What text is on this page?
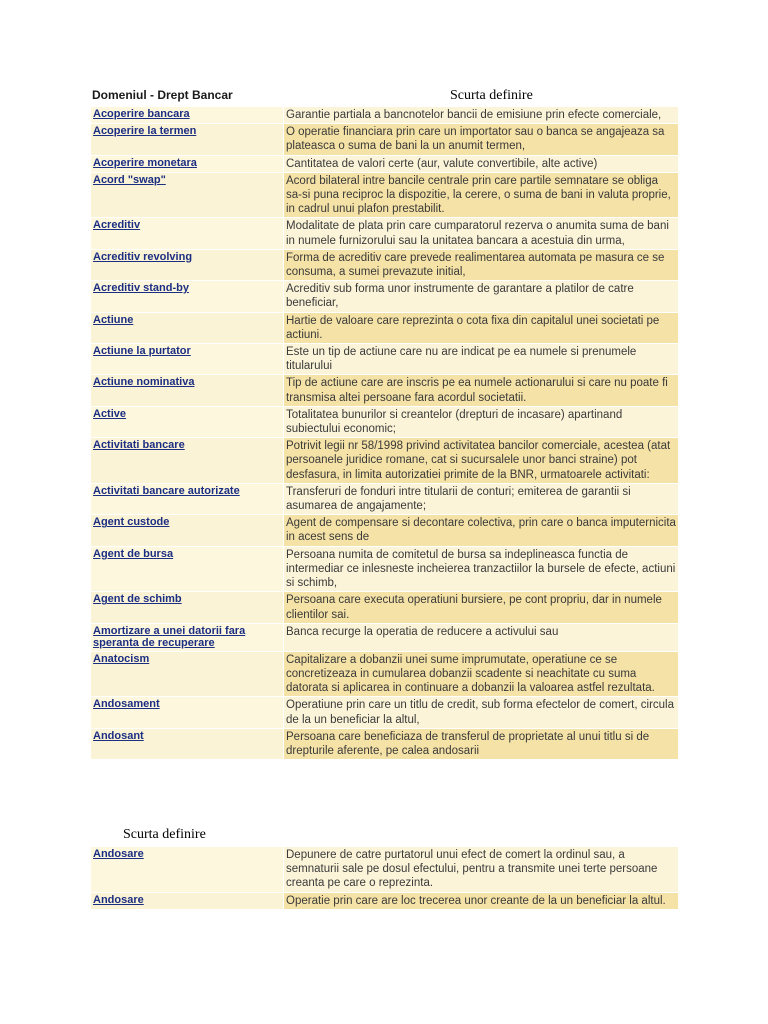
Domeniul - Drept Bancar	Scurta definire
Acoperire bancara	Garantie partiala a bancnotelor bancii de emisiune prin efecte comerciale,

Acoperire la termen	O operatie financiara prin care un importator sau o banca se angajeaza sa plateasca o suma de bani la un anumit termen,

Acoperire monetara	Cantitatea de valori certe (aur, valute convertibile, alte active)

Acord "swap"	Acord bilateral intre bancile centrale prin care partile semnatare se obliga sa-si puna reciproc la dispozitie, la cerere, o suma de bani in valuta proprie, in cadrul unui plafon prestabilit.

Acreditiv	Modalitate de plata prin care cumparatorul rezerva o anumita suma de bani in numele furnizorului sau la unitatea bancara a acestuia din urma,

Acreditiv revolving	Forma de acreditiv care prevede realimentarea automata pe masura ce se consuma, a sumei prevazute initial,

Acreditiv stand-by	Acreditiv sub forma unor instrumente de garantare a platilor de catre beneficiar,

Actiune	Hartie de valoare care reprezinta o cota fixa din capitalul unei societati pe actiuni.

Actiune la purtator	Este un tip de actiune care nu are indicat pe ea numele si prenumele titularului

Actiune nominativa	Tip de actiune care are inscris pe ea numele actionarului si care nu poate fi transmisa altei persoane fara acordul societatii.

Active	Totalitatea bunurilor si creantelor (drepturi de incasare) apartinand subiectului economic;

Activitati bancare	Potrivit legii nr 58/1998 privind activitatea bancilor comerciale, acestea (atat persoanele juridice romane, cat si sucursalele unor banci straine) pot desfasura, in limita autorizatiei primite de la BNR, urmatoarele activitati:

Activitati bancare autorizate	Transferuri de fonduri intre titularii de conturi; emiterea de garantii si asumarea de angajamente;

Agent custode	Agent de compensare si decontare colectiva, prin care o banca imputernicita in acest sens de

Agent de bursa	Persoana numita de comitetul de bursa sa indeplineasca functia de intermediar ce inlesneste incheierea tranzactiilor la bursele de efecte, actiuni si schimb,

Agent de schimb	Persoana care executa operatiuni bursiere, pe cont propriu, dar in numele clientilor sai.

Amortizare a unei datorii fara speranta de recuperare	Banca recurge la operatia de reducere a activului sau

Anatocism	Capitalizare a dobanzii unei sume imprumutate, operatiune ce se concretizeaza in cumularea dobanzii scadente si neachitate cu suma datorata si aplicarea in continuare a dobanzii la valoarea astfel rezultata.

Andosament	Operatiune prin care un titlu de credit, sub forma efectelor de comert, circula de la un beneficiar la altul,

Andosant	Persoana care beneficiaza de transferul de proprietate al unui titlu si de drepturile aferente, pe calea andosarii
Scurta definire
Andosare	Depunere de catre purtatorul unui efect de comert la ordinul sau, a semnaturii sale pe dosul efectului, pentru a transmite unei terte persoane creanta pe care o reprezinta.

Andosare	Operatie prin care are loc trecerea unor creante de la un beneficiar la altul.
